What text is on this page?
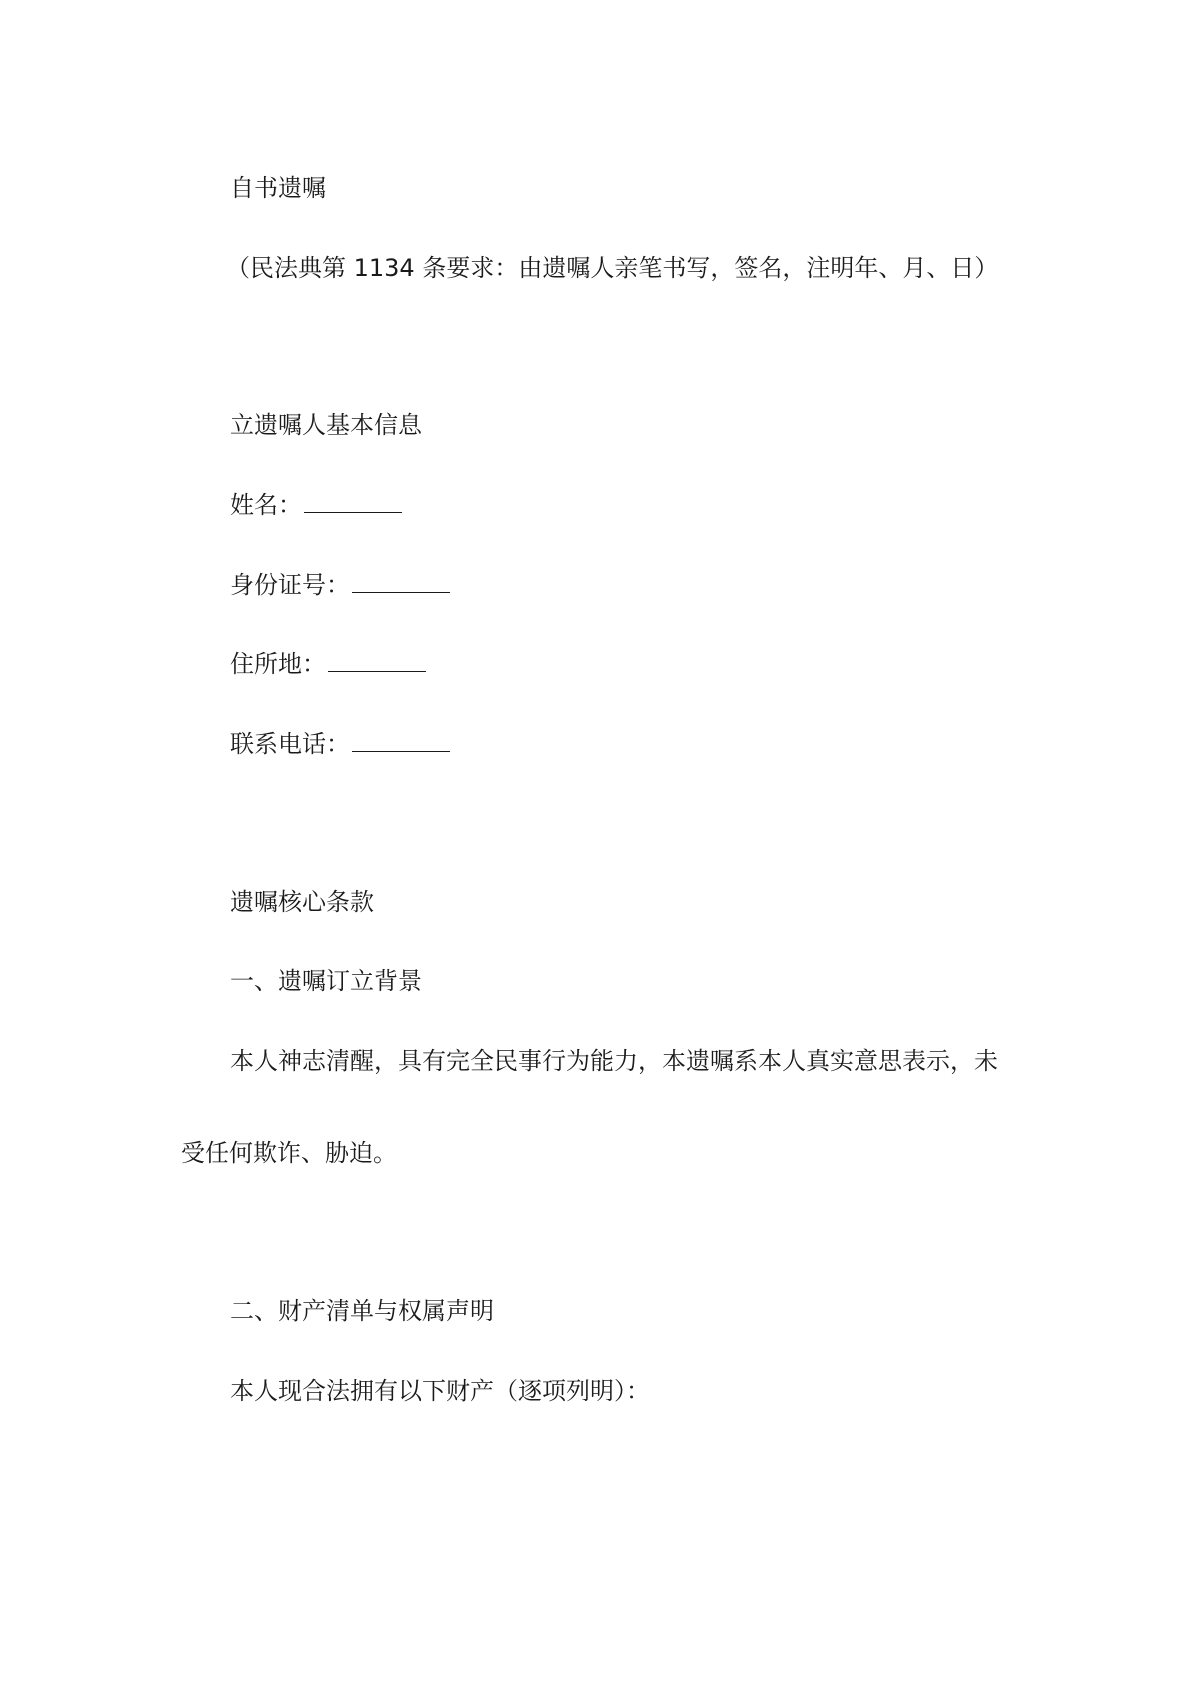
自书遗嘱

（民法典第 1134 条要求：由遗嘱人亲笔书写，签名，注明年、月、日）

立遗嘱人基本信息
姓名：
身份证号：
住所地：
联系电话：
遗嘱核心条款
一、遗嘱订立背景

本人神志清醒，具有完全民事行为能力，本遗嘱系本人真实意思表示，未

受任何欺诈、胁迫。

二、财产清单与权属声明

本人现合法拥有以下财产（逐项列明）：
